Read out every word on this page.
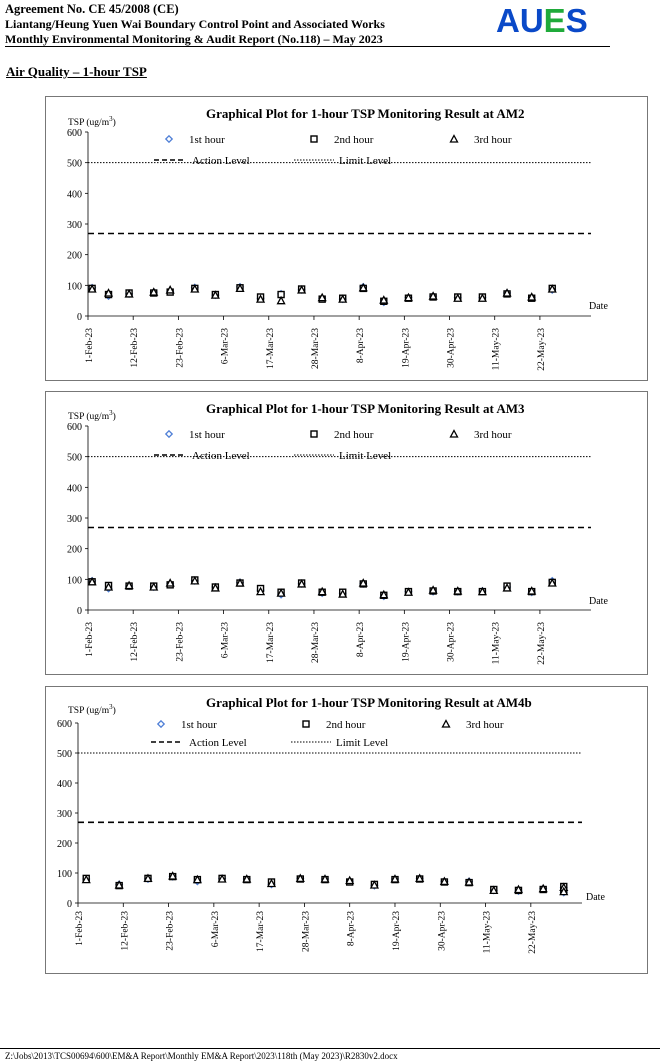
Agreement No. CE 45/2008 (CE)
Liantang/Heung Yuen Wai Boundary Control Point and Associated Works
Monthly Environmental Monitoring & Audit Report (No.118) – May 2023	AUES
Air Quality – 1-hour TSP
Graphical Plot for 1-hour TSP Monitoring Result at AM2
TSP $(ug/m^3)$
0
100
200
300
400
500
600
1-Feb-23	12-Feb-23	23-Feb-23	6-Mar-23	17-Mar-23	28-Mar-23	8-Apr-23	19-Apr-23	30-Apr-23	11-May-23	22-May-23
1st hour	2nd hour	3rd hour
Action Level	Limit Level
Date
Graphical Plot for 1-hour TSP Monitoring Result at AM3
TSP $(ug/m^3)$
0
100
200
300
400
500
600
1-Feb-23	12-Feb-23	23-Feb-23	6-Mar-23	17-Mar-23	28-Mar-23	8-Apr-23	19-Apr-23	30-Apr-23	11-May-23	22-May-23
1st hour	2nd hour	3rd hour
Action Level	Limit Level
Date
Graphical Plot for 1-hour TSP Monitoring Result at AM4b
TSP $(ug/m^3)$
0
100
200
300
400
500
600
1-Feb-23	12-Feb-23	23-Feb-23	6-Mar-23	17-Mar-23	28-Mar-23	8-Apr-23	19-Apr-23	30-Apr-23	11-May-23	22-May-23
1st hour	2nd hour	3rd hour
Action Level	Limit Level
Date
Z:\Jobs\2013\TCS00694\600\EM&A Report\Monthly EM&A Report\2023\118th (May 2023)\R2830v2.docx
